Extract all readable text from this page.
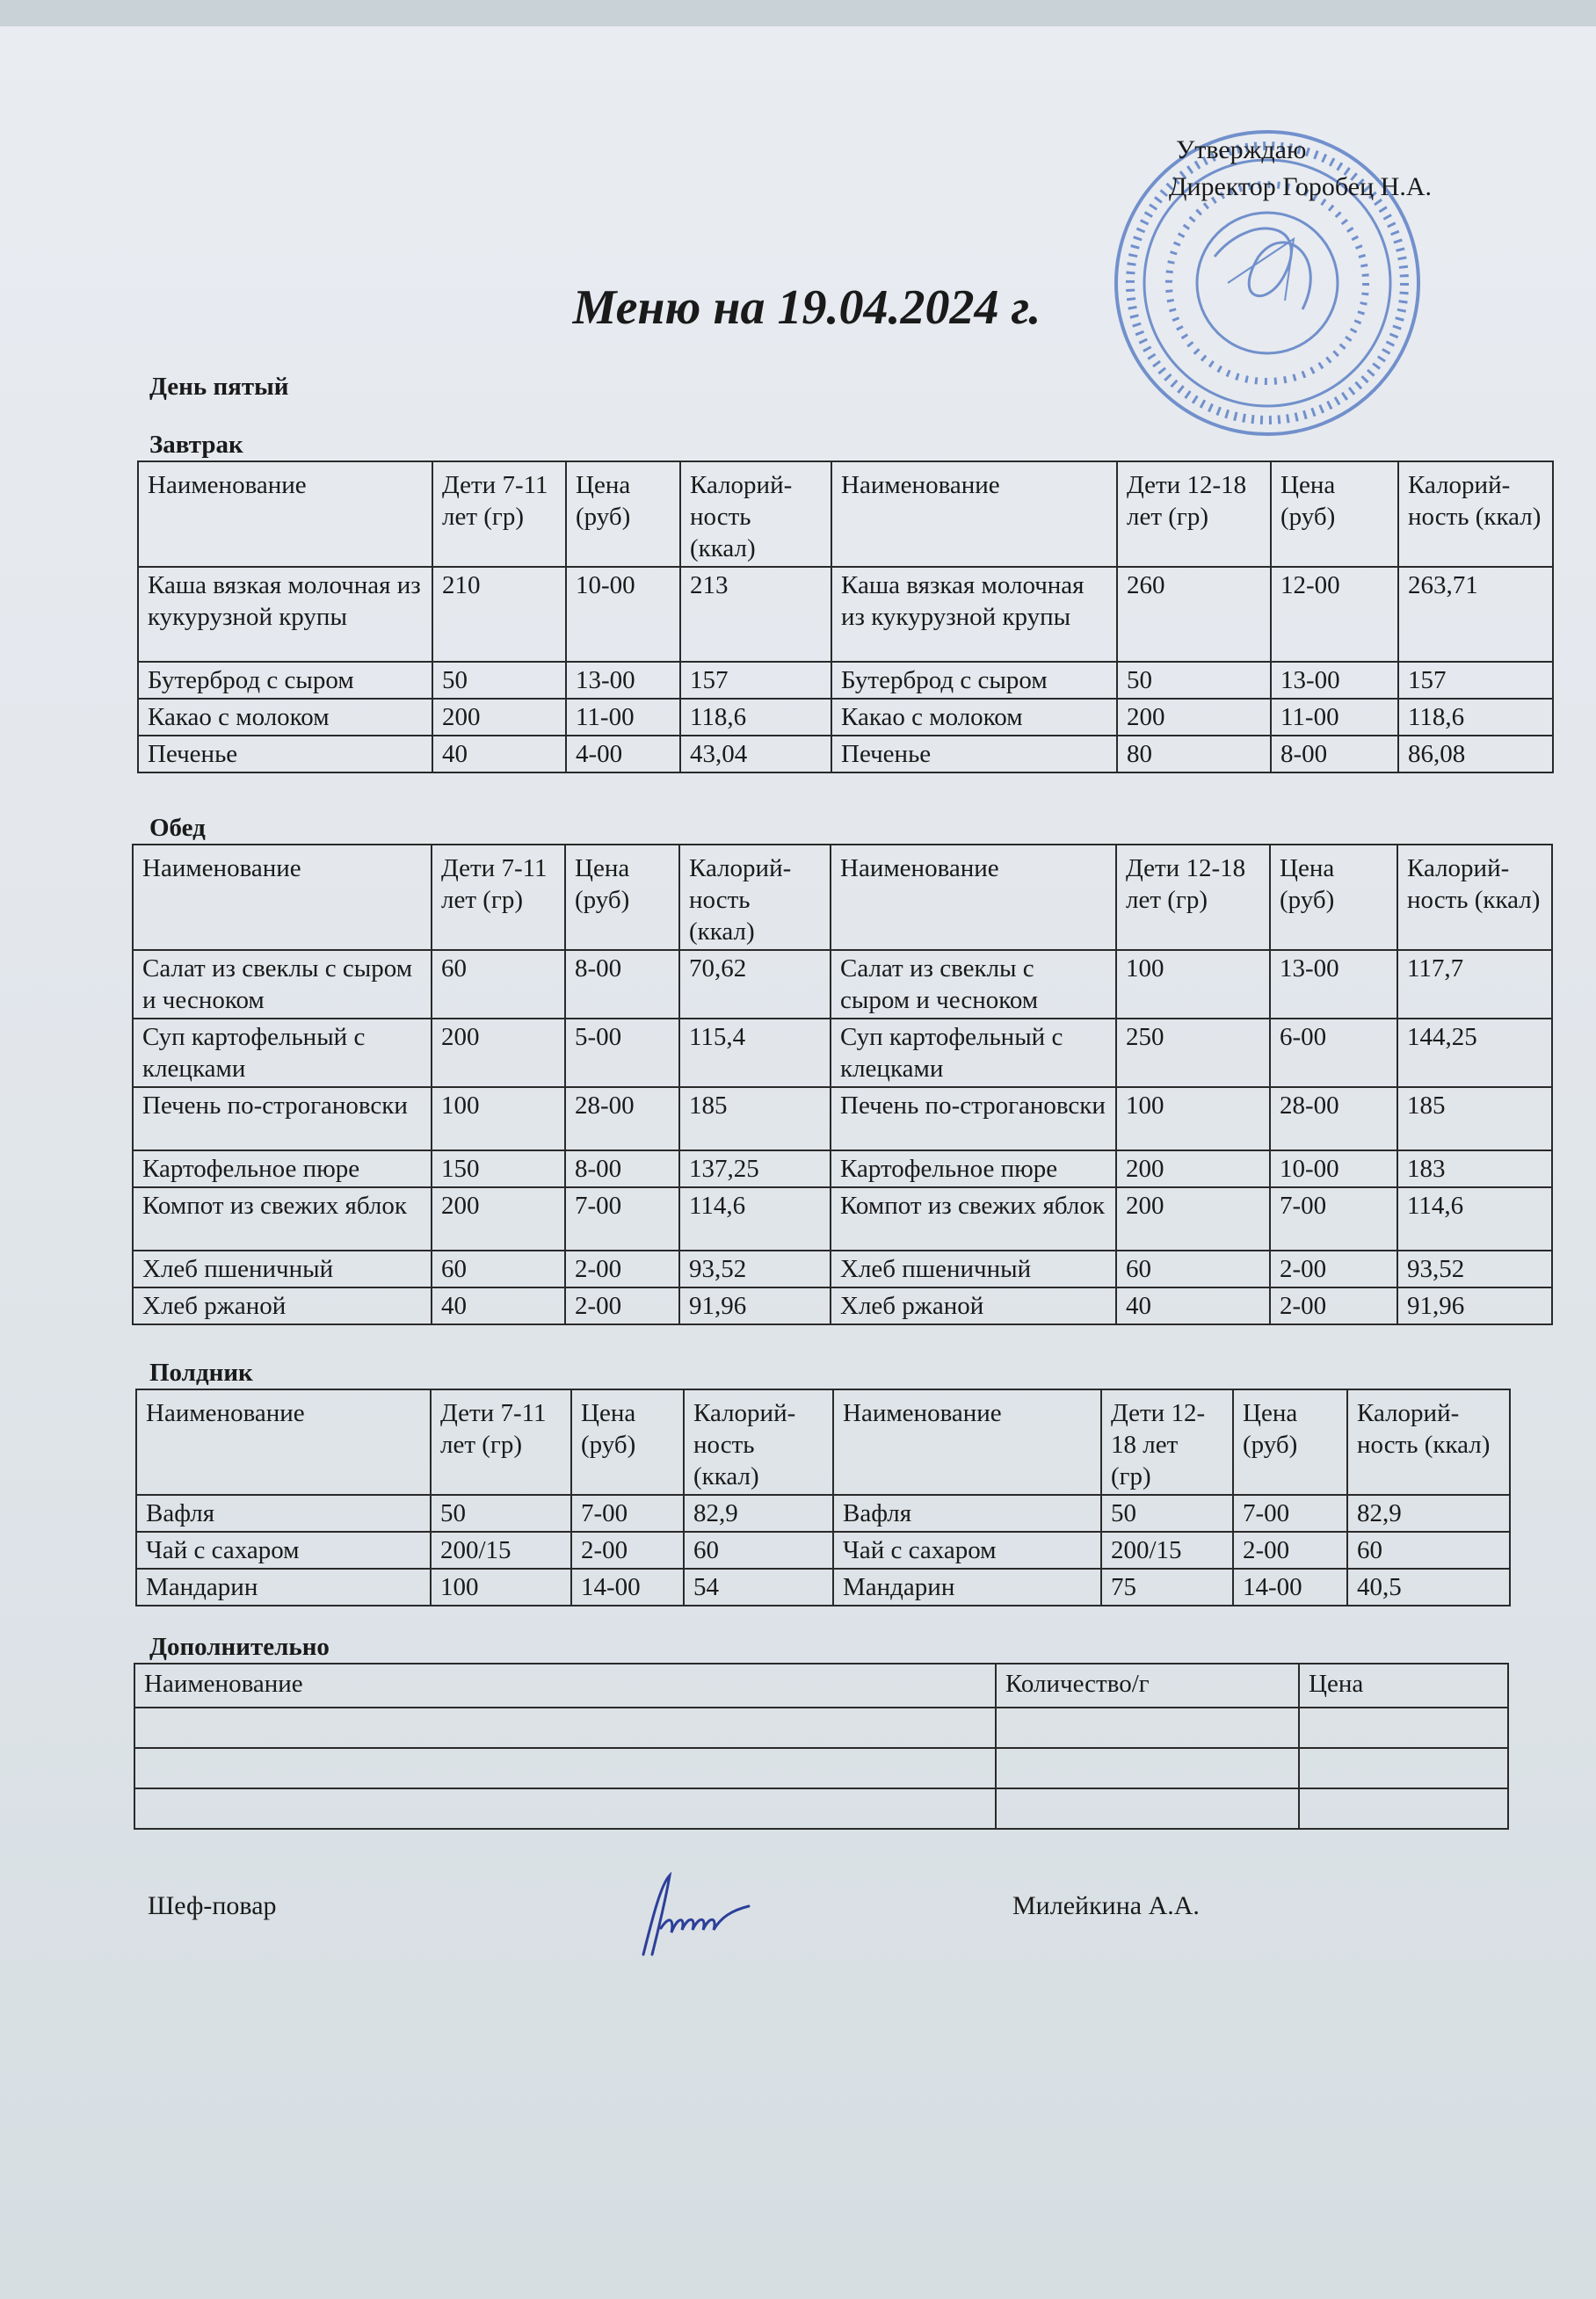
Утверждаю
Директор Горобец Н.А.
Меню на 19.04.2024 г.
День пятый
Завтрак
Наименование	Дети 7-11 лет (гр)	Цена (руб)	Калорий-ность (ккал)	Наименование	Дети 12-18 лет (гр)	Цена (руб)	Калорий-ность (ккал)
Каша вязкая молочная из кукурузной крупы	210	10-00	213	Каша вязкая молочная из кукурузной крупы	260	12-00	263,71
Бутерброд с сыром	50	13-00	157	Бутерброд с сыром	50	13-00	157
Какао с молоком	200	11-00	118,6	Какао с молоком	200	11-00	118,6
Печенье	40	4-00	43,04	Печенье	80	8-00	86,08
Обед
Наименование	Дети 7-11 лет (гр)	Цена (руб)	Калорий-ность (ккал)	Наименование	Дети 12-18 лет (гр)	Цена (руб)	Калорий-ность (ккал)
Салат из свеклы с сыром и чесноком	60	8-00	70,62	Салат из свеклы с сыром и чесноком	100	13-00	117,7
Суп картофельный с клецками	200	5-00	115,4	Суп картофельный с клецками	250	6-00	144,25
Печень по-строгановски	100	28-00	185	Печень по-строгановски	100	28-00	185
Картофельное пюре	150	8-00	137,25	Картофельное пюре	200	10-00	183
Компот из свежих яблок	200	7-00	114,6	Компот из свежих яблок	200	7-00	114,6
Хлеб пшеничный	60	2-00	93,52	Хлеб пшеничный	60	2-00	93,52
Хлеб ржаной	40	2-00	91,96	Хлеб ржаной	40	2-00	91,96
Полдник
Наименование	Дети 7-11 лет (гр)	Цена (руб)	Калорий-ность (ккал)	Наименование	Дети 12-18 лет (гр)	Цена (руб)	Калорий-ность (ккал)
Вафля	50	7-00	82,9	Вафля	50	7-00	82,9
Чай с сахаром	200/15	2-00	60	Чай с сахаром	200/15	2-00	60
Мандарин	100	14-00	54	Мандарин	75	14-00	40,5
Дополнительно
Наименование	Количество/г	Цена

Шеф-повар	Милейкина А.А.
